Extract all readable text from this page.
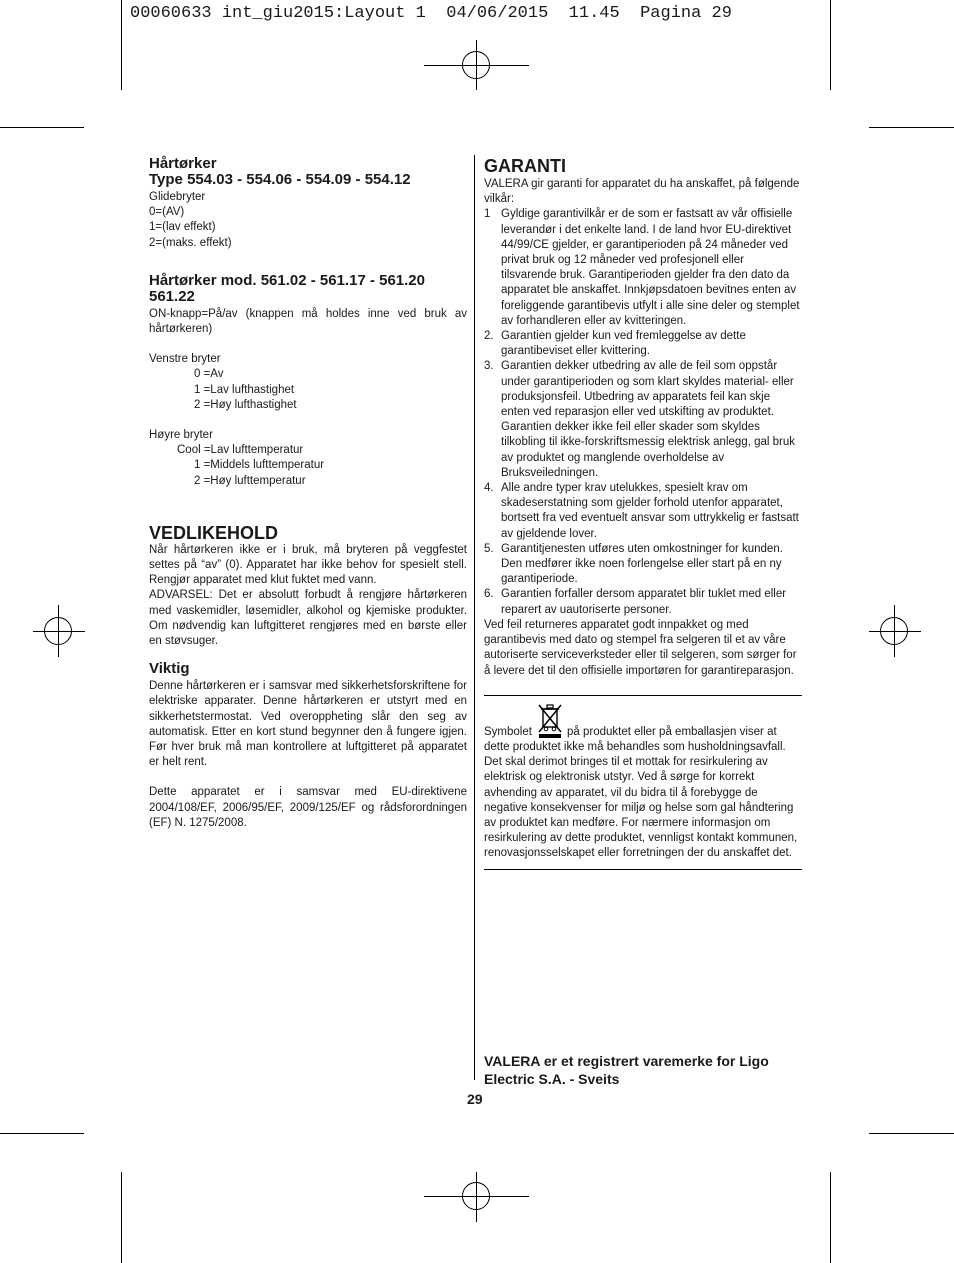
00060633 int_giu2015:Layout 1  04/06/2015  11.45  Pagina 29
Hårtørker
Type 554.03 - 554.06 - 554.09 - 554.12
Glidebryter
0=(AV)
1=(lav effekt)
2=(maks. effekt)
Hårtørker mod. 561.02 - 561.17 - 561.20
561.22
ON-knapp=På/av (knappen må holdes inne ved bruk av hårtørkeren)
Venstre bryter
0 =Av
1 =Lav lufthastighet
2 =Høy lufthastighet
Høyre bryter
Cool =Lav lufttemperatur
1 =Middels lufttemperatur
2 =Høy lufttemperatur
VEDLIKEHOLD
Når hårtørkeren ikke er i bruk, må bryteren på veggfestet settes på “av” (0). Apparatet har ikke behov for spesielt stell. Rengjør apparatet med klut fuktet med vann.
ADVARSEL: Det er absolutt forbudt å rengjøre hårtørkeren med vaskemidler, løsemidler, alkohol og kjemiske produkter. Om nødvendig kan luftgitteret rengjøres med en børste eller en støvsuger.
Viktig
Denne hårtørkeren er i samsvar med sikkerhetsforskriftene for elektriske apparater. Denne hårtørkeren er utstyrt med en sikkerhetstermostat. Ved overoppheting slår den seg av automatisk. Etter en kort stund begynner den å fungere igjen. Før hver bruk må man kontrollere at luftgitteret på apparatet er helt rent.
Dette apparatet er i samsvar med EU-direktivene 2004/108/EF, 2006/95/EF, 2009/125/EF og rådsforordningen (EF) N. 1275/2008.
GARANTI
VALERA gir garanti for apparatet du ha anskaffet, på følgende vilkår:
1 Gyldige garantivilkår er de som er fastsatt av vår offisielle leverandør i det enkelte land. I de land hvor EU-direktivet 44/99/CE gjelder, er garantiperioden på 24 måneder ved privat bruk og 12 måneder ved profesjonell eller tilsvarende bruk. Garantiperioden gjelder fra den dato da apparatet ble anskaffet. Innkjøpsdatoen bevitnes enten av foreliggende garantibevis utfylt i alle sine deler og stemplet av forhandleren eller av kvitteringen.
2. Garantien gjelder kun ved fremleggelse av dette garantibeviset eller kvittering.
3. Garantien dekker utbedring av alle de feil som oppstår under garantiperioden og som klart skyldes material- eller produksjonsfeil. Utbedring av apparatets feil kan skje enten ved reparasjon eller ved utskifting av produktet. Garantien dekker ikke feil eller skader som skyldes tilkobling til ikke-forskriftsmessig elektrisk anlegg, gal bruk av produktet og manglende overholdelse av Bruksveiledningen.
4. Alle andre typer krav utelukkes, spesielt krav om skadeserstatning som gjelder forhold utenfor apparatet, bortsett fra ved eventuelt ansvar som uttrykkelig er fastsatt av gjeldende lover.
5. Garantitjenesten utføres uten omkostninger for kunden. Den medfører ikke noen forlengelse eller start på en ny garantiperiode.
6. Garantien forfaller dersom apparatet blir tuklet med eller reparert av uautoriserte personer.
Ved feil returneres apparatet godt innpakket og med garantibevis med dato og stempel fra selgeren til et av våre autoriserte serviceverksteder eller til selgeren, som sørger for å levere det til den offisielle importøren for garantireparasjon.
Symbolet	på produktet eller på emballasjen viser at
dette produktet ikke må behandles som husholdningsavfall. Det skal derimot bringes til et mottak for resirkulering av elektrisk og elektronisk utstyr. Ved å sørge for korrekt avhending av apparatet, vil du bidra til å forebygge de negative konsekvenser for miljø og helse som gal håndtering av produktet kan medføre. For nærmere informasjon om resirkulering av dette produktet, vennligst kontakt kommunen, renovasjonsselskapet eller forretningen der du anskaffet det.
VALERA er et registrert varemerke for Ligo Electric S.A. - Sveits
29
